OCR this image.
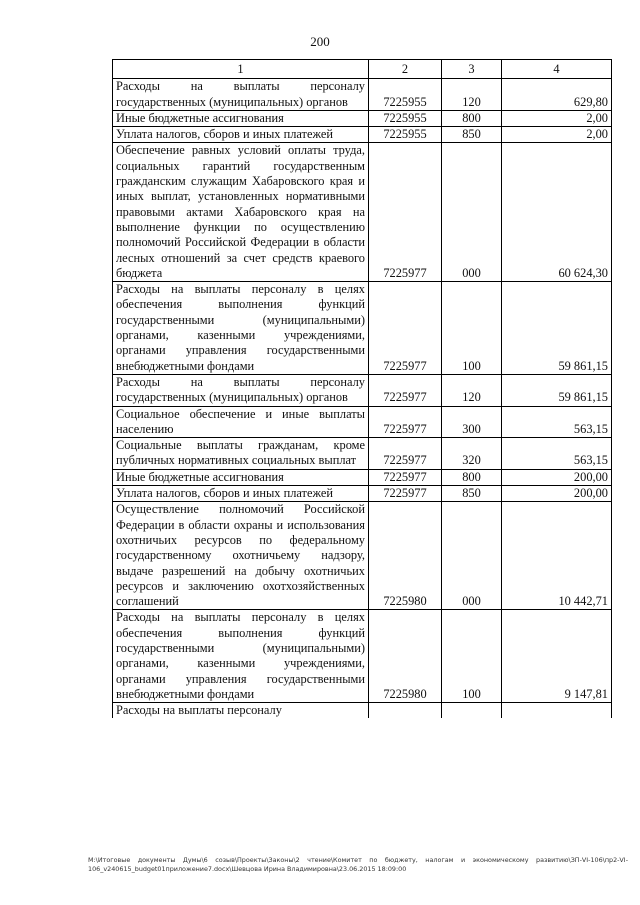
200
1	2	3	4
Расходы на выплаты персоналу государственных (муниципальных) органов	7225955	120	629,80
Иные бюджетные ассигнования	7225955	800	2,00
Уплата налогов, сборов и иных платежей	7225955	850	2,00
Обеспечение равных условий оплаты труда, социальных гарантий государственным гражданским служащим Хабаровского края и иных выплат, установленных нормативными правовыми актами Хабаровского края на выполнение функции по осуществлению полномочий Российской Федерации в области лесных отношений за счет средств краевого бюджета	7225977	000	60 624,30
Расходы на выплаты персоналу в целях обеспечения выполнения функций государственными (муниципальными) органами, казенными учреждениями, органами управления государственными внебюджетными фондами	7225977	100	59 861,15
Расходы на выплаты персоналу государственных (муниципальных) органов	7225977	120	59 861,15
Социальное обеспечение и иные выплаты населению	7225977	300	563,15
Социальные выплаты гражданам, кроме публичных нормативных социальных выплат	7225977	320	563,15
Иные бюджетные ассигнования	7225977	800	200,00
Уплата налогов, сборов и иных платежей	7225977	850	200,00
Осуществление полномочий Российской Федерации в области охраны и использования охотничьих ресурсов по федеральному государственному охотничьему надзору, выдаче разрешений на добычу охотничьих ресурсов и заключению охотхозяйственных соглашений	7225980	000	10 442,71
Расходы на выплаты персоналу в целях обеспечения выполнения функций государственными (муниципальными) органами, казенными учреждениями, органами управления государственными внебюджетными фондами	7225980	100	9 147,81
Расходы на выплаты персоналу			
M:\Итоговые документы Думы\6 созыв\Проекты\Законы\2 чтение\Комитет по бюджету, налогам и экономическому развитию\ЗП-VI-106\пр2-VI-106_v240615_budget01приложение7.docx\Шевцова Ирина Владимировна\23.06.2015 18:09:00
